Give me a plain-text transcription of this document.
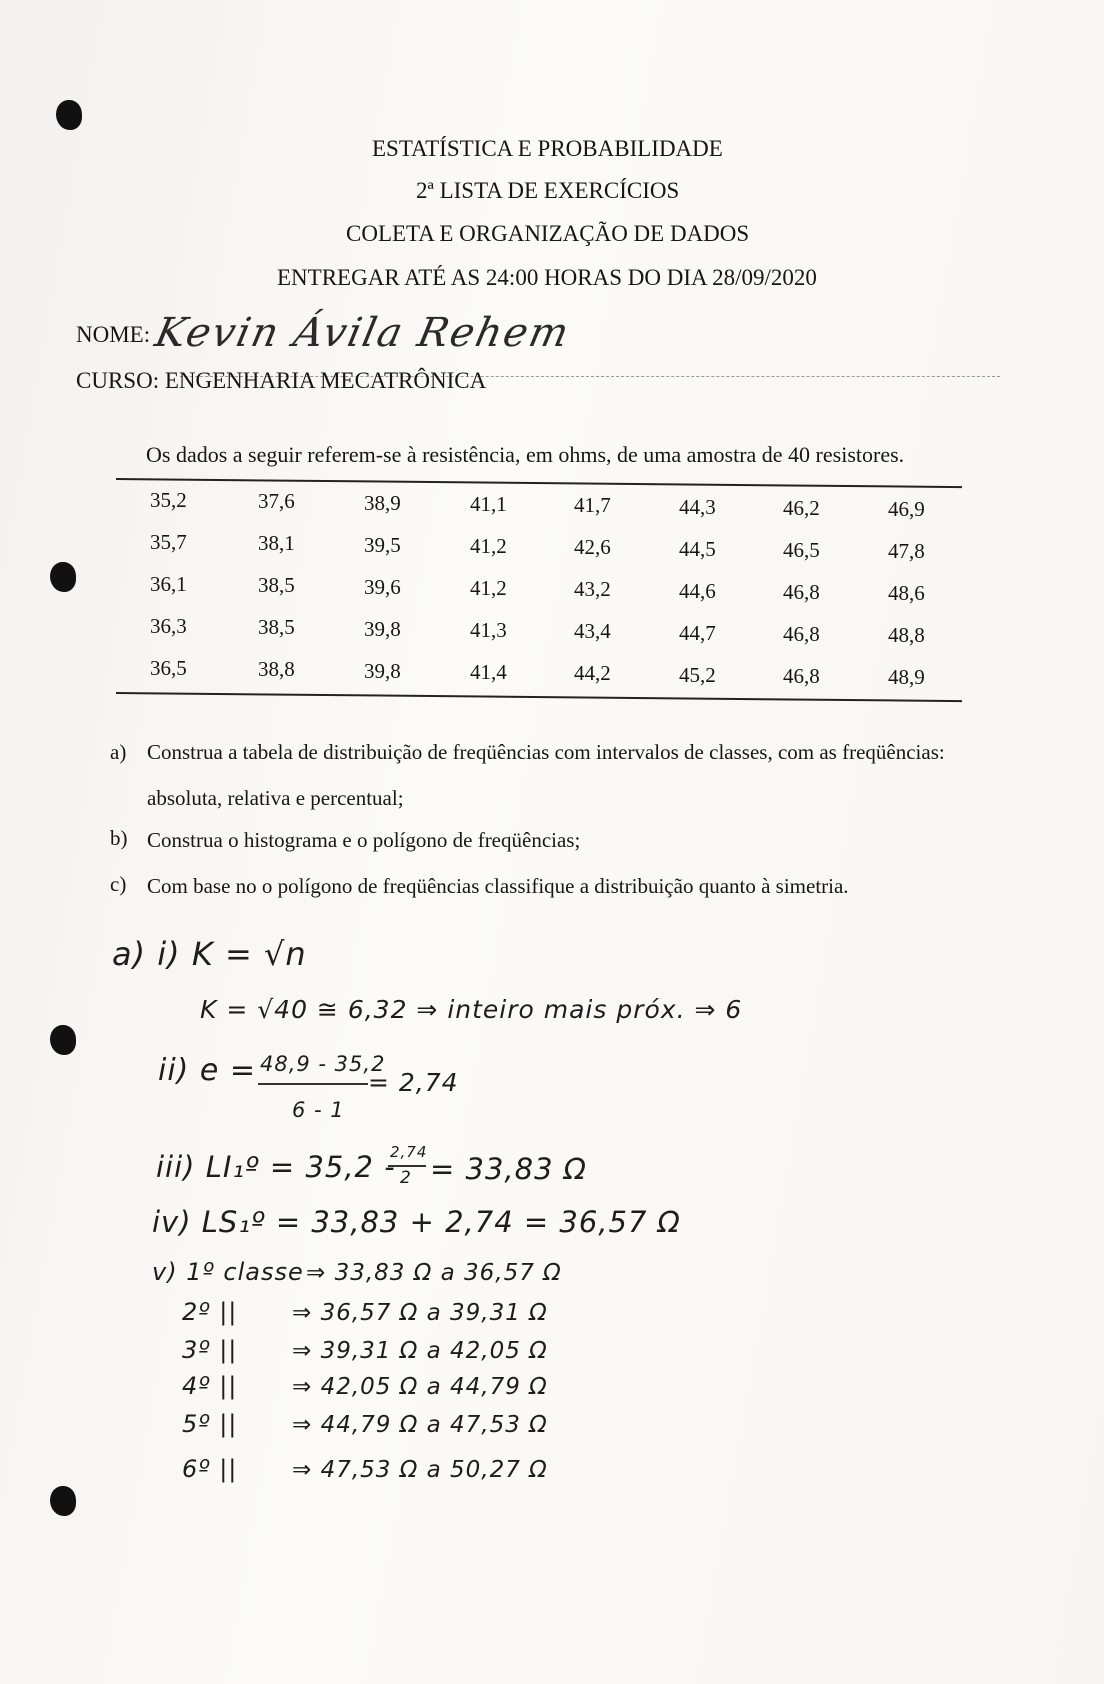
ESTATÍSTICA E PROBABILIDADE
2ª LISTA DE EXERCÍCIOS
COLETA E ORGANIZAÇÃO DE DADOS
ENTREGAR ATÉ AS 24:00 HORAS DO DIA 28/09/2020
NOME: Kevin Ávila Rehem
CURSO: ENGENHARIA MECATRÔNICA
Os dados a seguir referem-se à resistência, em ohms, de uma amostra de 40 resistores.
35,2	37,6	38,9	41,1	41,7	44,3	46,2	46,9
35,7	38,1	39,5	41,2	42,6	44,5	46,5	47,8
36,1	38,5	39,6	41,2	43,2	44,6	46,8	48,6
36,3	38,5	39,8	41,3	43,4	44,7	46,8	48,8
36,5	38,8	39,8	41,4	44,2	45,2	46,8	48,9
a) Construa a tabela de distribuição de freqüências com intervalos de classes, com as freqüências:
absoluta, relativa e percentual;
b) Construa o histograma e o polígono de freqüências;
c) Com base no o polígono de freqüências classifique a distribuição quanto à simetria.
a) i) K = √n
K = √40 ≅ 6,32 ⇒ inteiro mais próx. ⇒ 6
ii) e = 48,9 - 35,2
6 - 1
= 2,74
iii) LI₁º = 35,2 -
2,74
2 = 33,83 Ω
iv) LS₁º = 33,83 + 2,74 = 36,57 Ω
v) 1º classe ⇒ 33,83 Ω a 36,57 Ω
2º || ⇒ 36,57 Ω a 39,31 Ω
3º || ⇒ 39,31 Ω a 42,05 Ω
4º || ⇒ 42,05 Ω a 44,79 Ω
5º || ⇒ 44,79 Ω a 47,53 Ω
6º || ⇒ 47,53 Ω a 50,27 Ω
